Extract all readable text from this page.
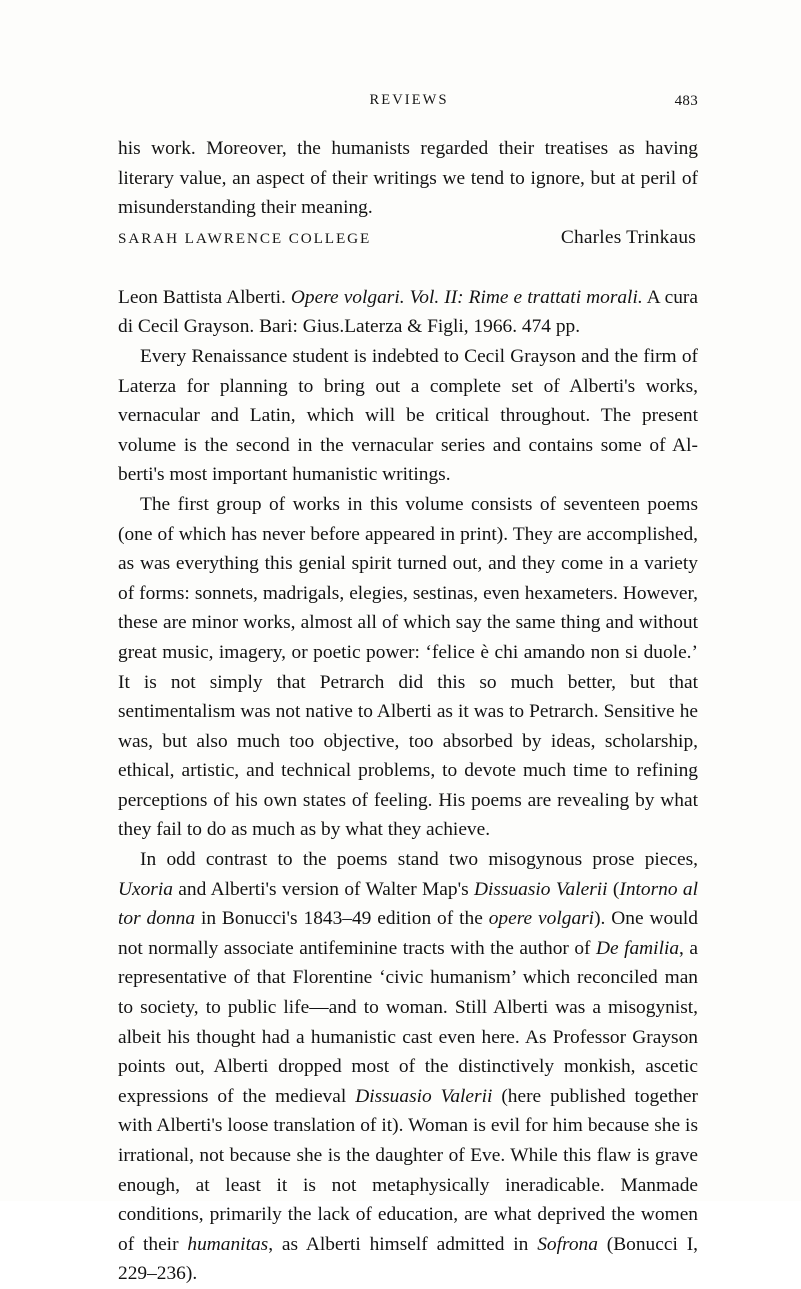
REVIEWS	483

his work. Moreover, the humanists regarded their treatises as having literary value, an aspect of their writings we tend to ignore, but at peril of misunderstanding their meaning.

SARAH LAWRENCE COLLEGE	Charles Trinkaus

Leon Battista Alberti. Opere volgari. Vol. II: Rime e trattati morali. A cura di Cecil Grayson. Bari: Gius.Laterza & Figli, 1966. 474 pp.

Every Renaissance student is indebted to Cecil Grayson and the firm of Laterza for planning to bring out a complete set of Alberti's works, vernacular and Latin, which will be critical throughout. The present volume is the second in the vernacular series and contains some of Alberti's most important humanistic writings.

The first group of works in this volume consists of seventeen poems (one of which has never before appeared in print). They are accomplished, as was everything this genial spirit turned out, and they come in a variety of forms: sonnets, madrigals, elegies, sestinas, even hexameters. However, these are minor works, almost all of which say the same thing and without great music, imagery, or poetic power: ‘felice è chi amando non si duole.’ It is not simply that Petrarch did this so much better, but that sentimentalism was not native to Alberti as it was to Petrarch. Sensitive he was, but also much too objective, too absorbed by ideas, scholarship, ethical, artistic, and technical problems, to devote much time to refining perceptions of his own states of feeling. His poems are revealing by what they fail to do as much as by what they achieve.

In odd contrast to the poems stand two misogynous prose pieces, Uxoria and Alberti's version of Walter Map's Dissuasio Valerii (Intorno al tor donna in Bonucci's 1843–49 edition of the opere volgari). One would not normally associate antifeminine tracts with the author of De familia, a representative of that Florentine ‘civic humanism’ which reconciled man to society, to public life—and to woman. Still Alberti was a misogynist, albeit his thought had a humanistic cast even here. As Professor Grayson points out, Alberti dropped most of the distinctively monkish, ascetic expressions of the medieval Dissuasio Valerii (here published together with Alberti's loose translation of it). Woman is evil for him because she is irrational, not because she is the daughter of Eve. While this flaw is grave enough, at least it is not metaphysically ineradicable. Manmade conditions, primarily the lack of education, are what deprived the women of their humanitas, as Alberti himself admitted in Sofrona (Bonucci I, 229–236).
